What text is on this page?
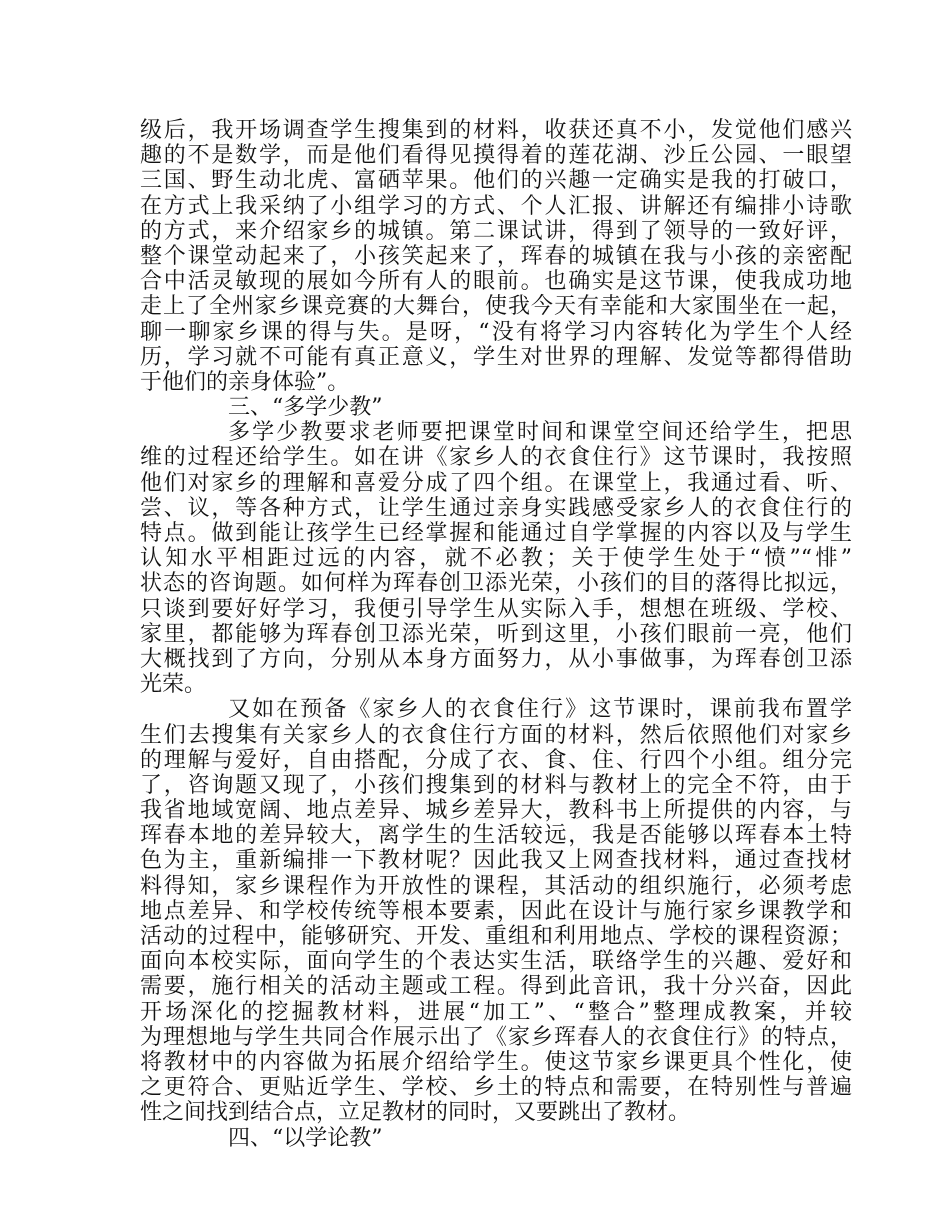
级后，我开场调查学生搜集到的材料，收获还真不小，发觉他们感兴
趣的不是数学，而是他们看得见摸得着的莲花湖、沙丘公园、一眼望
三国、野生动北虎、富硒苹果。他们的兴趣一定确实是我的打破口，
在方式上我采纳了小组学习的方式、个人汇报、讲解还有编排小诗歌
的方式，来介绍家乡的城镇。第二课试讲，得到了领导的一致好评，
整个课堂动起来了，小孩笑起来了，珲春的城镇在我与小孩的亲密配
合中活灵敏现的展如今所有人的眼前。也确实是这节课，使我成功地
走上了全州家乡课竞赛的大舞台，使我今天有幸能和大家围坐在一起，
聊一聊家乡课的得与失。是呀，“没有将学习内容转化为学生个人经
历，学习就不可能有真正意义，学生对世界的理解、发觉等都得借助
于他们的亲身体验”。
三、“多学少教”
多学少教要求老师要把课堂时间和课堂空间还给学生，把思
维的过程还给学生。如在讲《家乡人的衣食住行》这节课时，我按照
他们对家乡的理解和喜爱分成了四个组。在课堂上，我通过看、听、
尝、议，等各种方式，让学生通过亲身实践感受家乡人的衣食住行的
特点。做到能让孩学生已经掌握和能通过自学掌握的内容以及与学生
认知水平相距过远的内容，就不必教；关于使学生处于“愤”“悱”
状态的咨询题。如何样为珲春创卫添光荣，小孩们的目的落得比拟远，
只谈到要好好学习，我便引导学生从实际入手，想想在班级、学校、
家里，都能够为珲春创卫添光荣，听到这里，小孩们眼前一亮，他们
大概找到了方向，分别从本身方面努力，从小事做事，为珲春创卫添
光荣。
又如在预备《家乡人的衣食住行》这节课时，课前我布置学
生们去搜集有关家乡人的衣食住行方面的材料，然后依照他们对家乡
的理解与爱好，自由搭配，分成了衣、食、住、行四个小组。组分完
了，咨询题又现了，小孩们搜集到的材料与教材上的完全不符，由于
我省地域宽阔、地点差异、城乡差异大，教科书上所提供的内容，与
珲春本地的差异较大，离学生的生活较远，我是否能够以珲春本土特
色为主，重新编排一下教材呢？因此我又上网查找材料，通过查找材
料得知，家乡课程作为开放性的课程，其活动的组织施行，必须考虑
地点差异、和学校传统等根本要素，因此在设计与施行家乡课教学和
活动的过程中，能够研究、开发、重组和利用地点、学校的课程资源；
面向本校实际，面向学生的个表达实生活，联络学生的兴趣、爱好和
需要，施行相关的活动主题或工程。得到此音讯，我十分兴奋，因此
开场深化的挖掘教材料，进展“加工”、“整合”整理成教案，并较
为理想地与学生共同合作展示出了《家乡珲春人的衣食住行》的特点，
将教材中的内容做为拓展介绍给学生。使这节家乡课更具个性化，使
之更符合、更贴近学生、学校、乡土的特点和需要，在特别性与普遍
性之间找到结合点，立足教材的同时，又要跳出了教材。
四、“以学论教”
